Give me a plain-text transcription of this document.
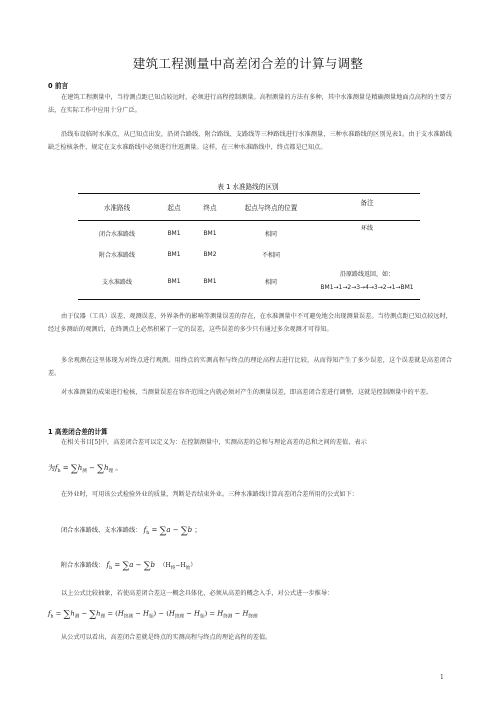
建筑工程测量中高差闭合差的计算与调整
0 前言
在建筑工程测量中，当待测点距已知点较远时，必须进行高程控制测量。高程测量的方法有多种，其中水准测量是精确测量地面点高程的主要方法，在实际工作中应用十分广泛。
沿线布设临时水准点，从已知点出发，沿闭合路线、附合路线、支路线等三种路线进行水准测量，三种水准路线的区别见表1。由于支水准路线缺乏检核条件，规定在支水准路线中必须进行往返测量。这样，在三种水准路线中，终点都是已知点。
表 1 水准路线的区别
水准路线	起点	终点	起点与终点的位置	备注
闭合水准路线	BM1	BM1	相同	环线
附合水准路线	BM1	BM2	不相同	
支水准路线	BM1	BM1	相同	沿原路线返回，如：
BM1→1→2→3→4→3→2→1→BM1
由于仪器（工具）误差、观测误差、外界条件的影响等测量误差的存在，在水准测量中不可避免地会出现测量误差。当待测点距已知点较远时，经过多测站的观测后，在终测点上必然积累了一定的误差，这些误差的多少只有通过多余观测才可得知。
多余观测在这里体现为对终点进行观测。用终点的实测高程与终点的理论高程去进行比较，从而得知产生了多少误差，这个误差就是高差闭合差。
对水准测量的成果进行检核，当测量误差在容许范围之内就必须对产生的测量误差，即高差闭合差进行调整，这就是控制测量中的平差。
1 高差闭合差的计算
在相关书目[5]中，高差闭合差可以定义为：在控制测量中，实测高差的总和与理论高差的总和之间的差值，表示
为$f_h = \sum h_测 - \sum h_理$ 。
在外业时，可用该公式检验外业的质量，判断是否结束外业。三种水准路线计算高差闭合差所用的公式如下：
闭合水准路线、支水准路线： $f_h = \sum a - \sum b$ ；
附合水准路线： $f_h = \sum a - \sum b$ $(H_终-H_始)$
以上公式比较抽象，若使高差闭合差这一概念具体化，必须从高差的概念入手，对公式进一步推导：
$f_h = \sum h_测 - \sum h_理 = (H_{终测} - H_始) - (H_{终理} - H_始) = H_{终测} - H_{终理}$
从公式可以看出，高差闭合差就是终点的实测高程与终点的理论高程的差值。
1
